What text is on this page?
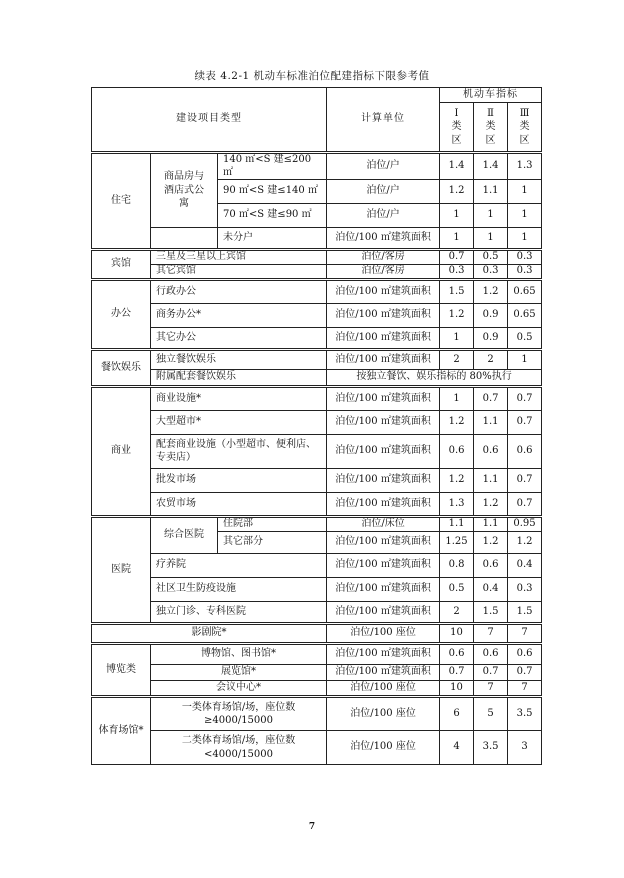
续表 4.2-1 机动车标准泊位配建指标下限参考值
建设项目类型			计算单位	机动车指标		
				Ⅰ类区	Ⅱ类区	Ⅲ类区
住宅	商品房与酒店式公寓	140 ㎡<S 建≤200 ㎡	泊位/户	1.4	1.4	1.3
		90 ㎡<S 建≤140 ㎡	泊位/户	1.2	1.1	1
		70 ㎡<S 建≤90 ㎡	泊位/户	1	1	1
		未分户	泊位/100 ㎡建筑面积	1	1	1
宾馆	三星及三星以上宾馆		泊位/客房	0.7	0.5	0.3
	其它宾馆		泊位/客房	0.3	0.3	0.3
办公	行政办公		泊位/100 ㎡建筑面积	1.5	1.2	0.65
	商务办公*		泊位/100 ㎡建筑面积	1.2	0.9	0.65
	其它办公		泊位/100 ㎡建筑面积	1	0.9	0.5
餐饮娱乐	独立餐饮娱乐		泊位/100 ㎡建筑面积	2	2	1
	附属配套餐饮娱乐		按独立餐饮、娱乐指标的 80%执行			
商业	商业设施*		泊位/100 ㎡建筑面积	1	0.7	0.7
	大型超市*		泊位/100 ㎡建筑面积	1.2	1.1	0.7
	配套商业设施（小型超市、便利店、专卖店）		泊位/100 ㎡建筑面积	0.6	0.6	0.6
	批发市场		泊位/100 ㎡建筑面积	1.2	1.1	0.7
	农贸市场		泊位/100 ㎡建筑面积	1.3	1.2	0.7
医院	综合医院	住院部	泊位/床位	1.1	1.1	0.95
		其它部分	泊位/100 ㎡建筑面积	1.25	1.2	1.2
	疗养院		泊位/100 ㎡建筑面积	0.8	0.6	0.4
	社区卫生防疫设施		泊位/100 ㎡建筑面积	0.5	0.4	0.3
	独立门诊、专科医院		泊位/100 ㎡建筑面积	2	1.5	1.5
影剧院*			泊位/100 座位	10	7	7
博览类	博物馆、图书馆*		泊位/100 ㎡建筑面积	0.6	0.6	0.6
	展览馆*		泊位/100 ㎡建筑面积	0.7	0.7	0.7
	会议中心*		泊位/100 座位	10	7	7
体育场馆*	一类体育场馆/场，座位数≥4000/15000		泊位/100 座位	6	5	3.5
	二类体育场馆/场，座位数<4000/15000		泊位/100 座位	4	3.5	3
7
